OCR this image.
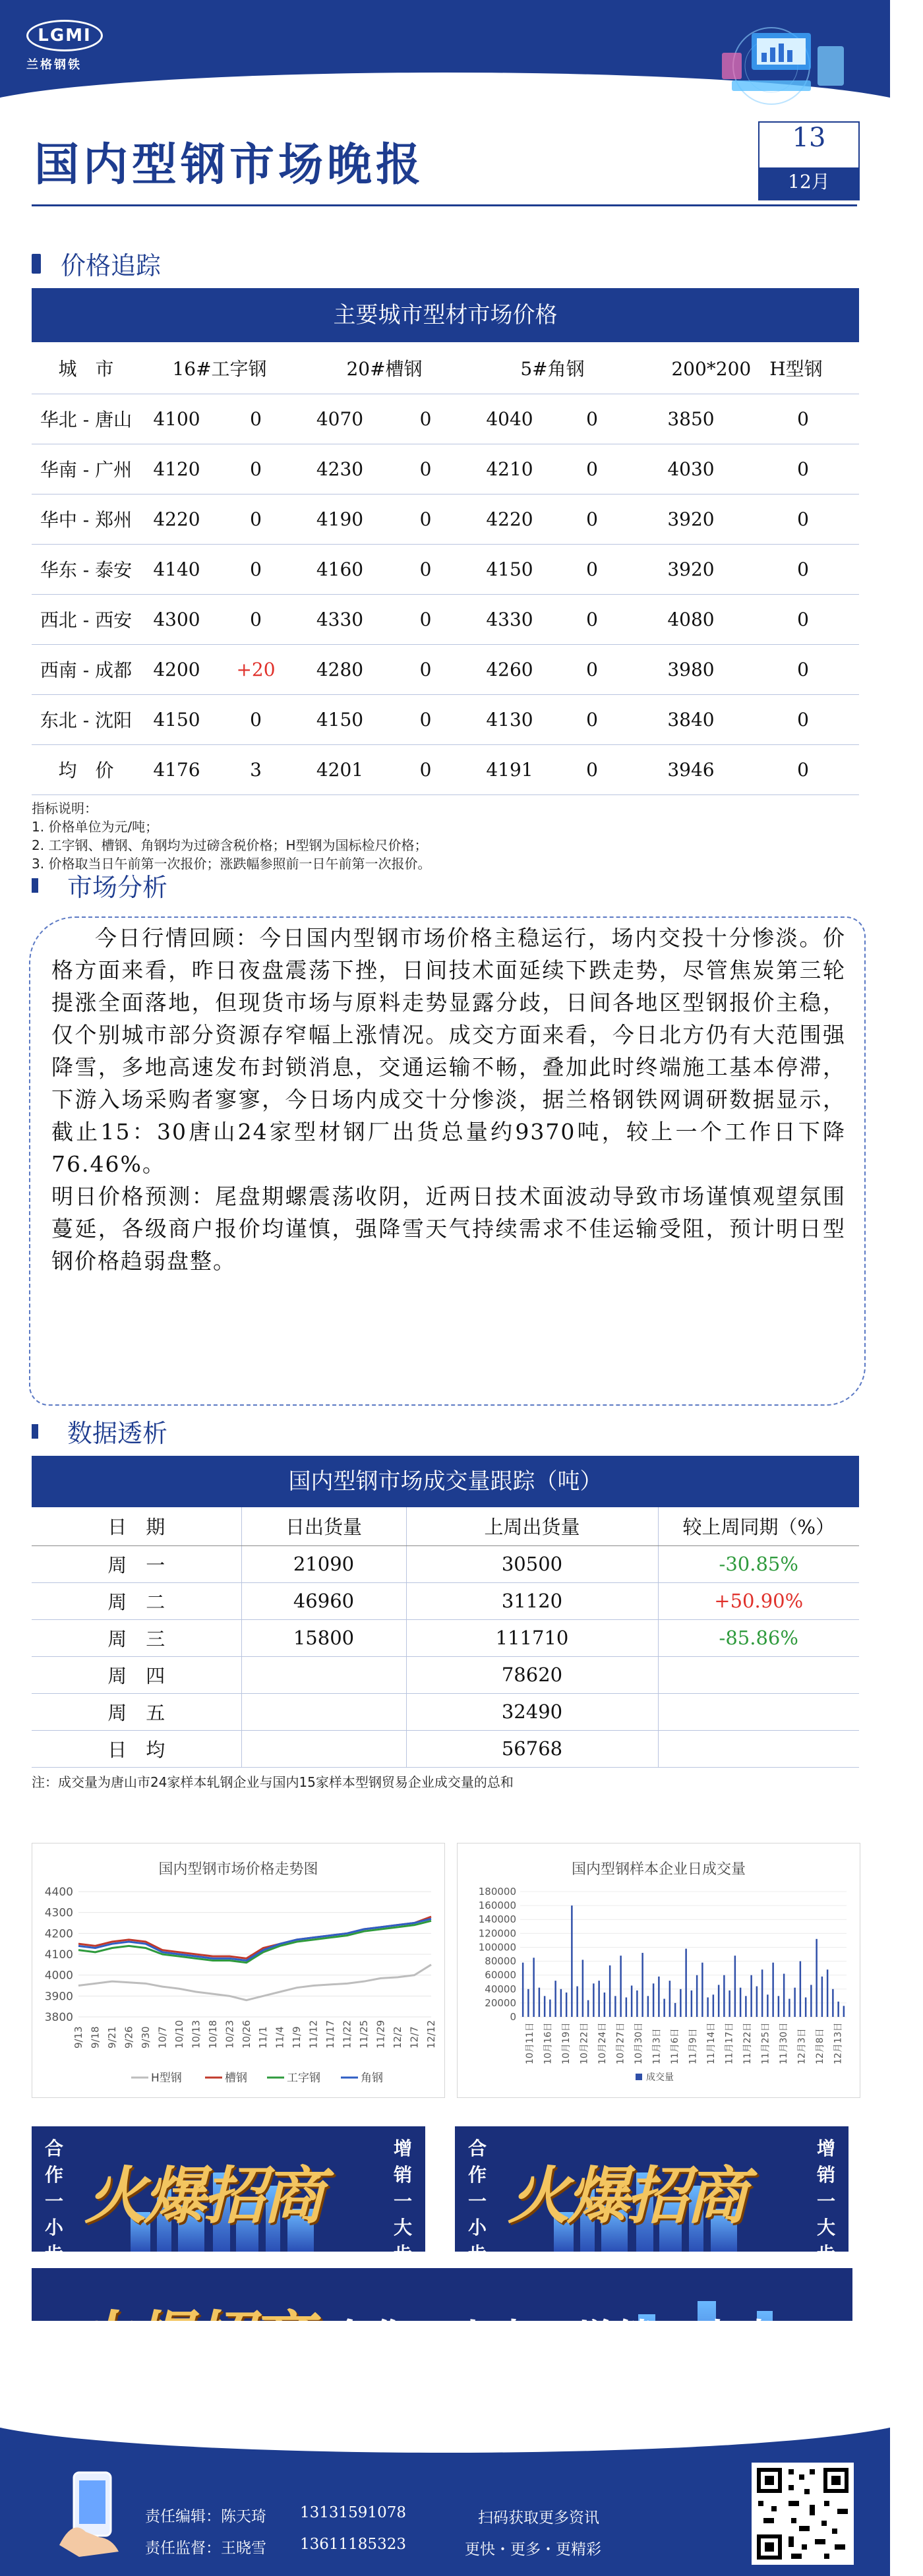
LGMI
兰格钢铁
国内型钢市场晚报
13
12月
价格追踪
主要城市型材市场价格
城　市	16#工字钢		20#槽钢		5#角钢		200*200　H型钢	
华北 - 唐山	4100	0	4070	0	4040	0	3850	0
华南 - 广州	4120	0	4230	0	4210	0	4030	0
华中 - 郑州	4220	0	4190	0	4220	0	3920	0
华东 - 泰安	4140	0	4160	0	4150	0	3920	0
西北 - 西安	4300	0	4330	0	4330	0	4080	0
西南 - 成都	4200	+20	4280	0	4260	0	3980	0
东北 - 沈阳	4150	0	4150	0	4130	0	3840	0
均　价	4176	3	4201	0	4191	0	3946	0
指标说明：
1. 价格单位为元/吨；
2. 工字钢、槽钢、角钢均为过磅含税价格；H型钢为国标检尺价格；
3. 价格取当日午前第一次报价；涨跌幅参照前一日午前第一次报价。
市场分析

今日行情回顾：今日国内型钢市场价格主稳运行，场内交投十分惨淡。价格方面来看，昨日夜盘震荡下挫，日间技术面延续下跌走势，尽管焦炭第三轮提涨全面落地，但现货市场与原料走势显露分歧，日间各地区型钢报价主稳，仅个别城市部分资源存窄幅上涨情况。成交方面来看，今日北方仍有大范围强降雪，多地高速发布封锁消息，交通运输不畅，叠加此时终端施工基本停滞，下游入场采购者寥寥，今日场内成交十分惨淡，据兰格钢铁网调研数据显示，截止15：30唐山24家型材钢厂出货总量约9370吨，较上一个工作日下降76.46%。

明日价格预测：尾盘期螺震荡收阴，近两日技术面波动导致市场谨慎观望氛围蔓延，各级商户报价均谨慎，强降雪天气持续需求不佳运输受阻，预计明日型钢价格趋弱盘整。

数据透析
国内型钢市场成交量跟踪（吨）
日　期	日出货量	上周出货量	较上周同期（%）
周　一	21090	30500	-30.85%
周　二	46960	31120	+50.90%
周　三	15800	111710	-85.86%
周　四		78620	
周　五		32490	
日　均		56768	
注：成交量为唐山市24家样本轧钢企业与国内15家样本型钢贸易企业成交量的总和
国内型钢市场价格走势图
3800
3900
4000
4100
4200
4300
4400
9/13 9/18 9/21 9/26 9/30 10/7 10/10 10/13 10/18 10/23 10/26 11/1 11/4 11/9 11/12 11/17 11/22 11/25 11/29 12/2 12/7 12/12
H型钢	槽钢	工字钢	角钢
国内型钢样本企业日成交量
0
20000
40000
60000
80000
100000
120000
140000
160000
180000
10月11日 10月16日 10月19日 10月22日 10月24日 10月27日 10月30日 11月3日 11月6日 11月9日 11月14日 11月17日 11月22日 11月25日 11月30日 12月3日 12月8日 12月13日
成交量
合
作
一
小
步
火爆招商
增
销
一
大
步
合
作
一
小
步
火爆招商
增
销
一
大
步
责任编辑：陈天琦 13131591078
责任监督：王晓雪 13611185323
扫码获取更多资讯
更快・更多・更精彩
